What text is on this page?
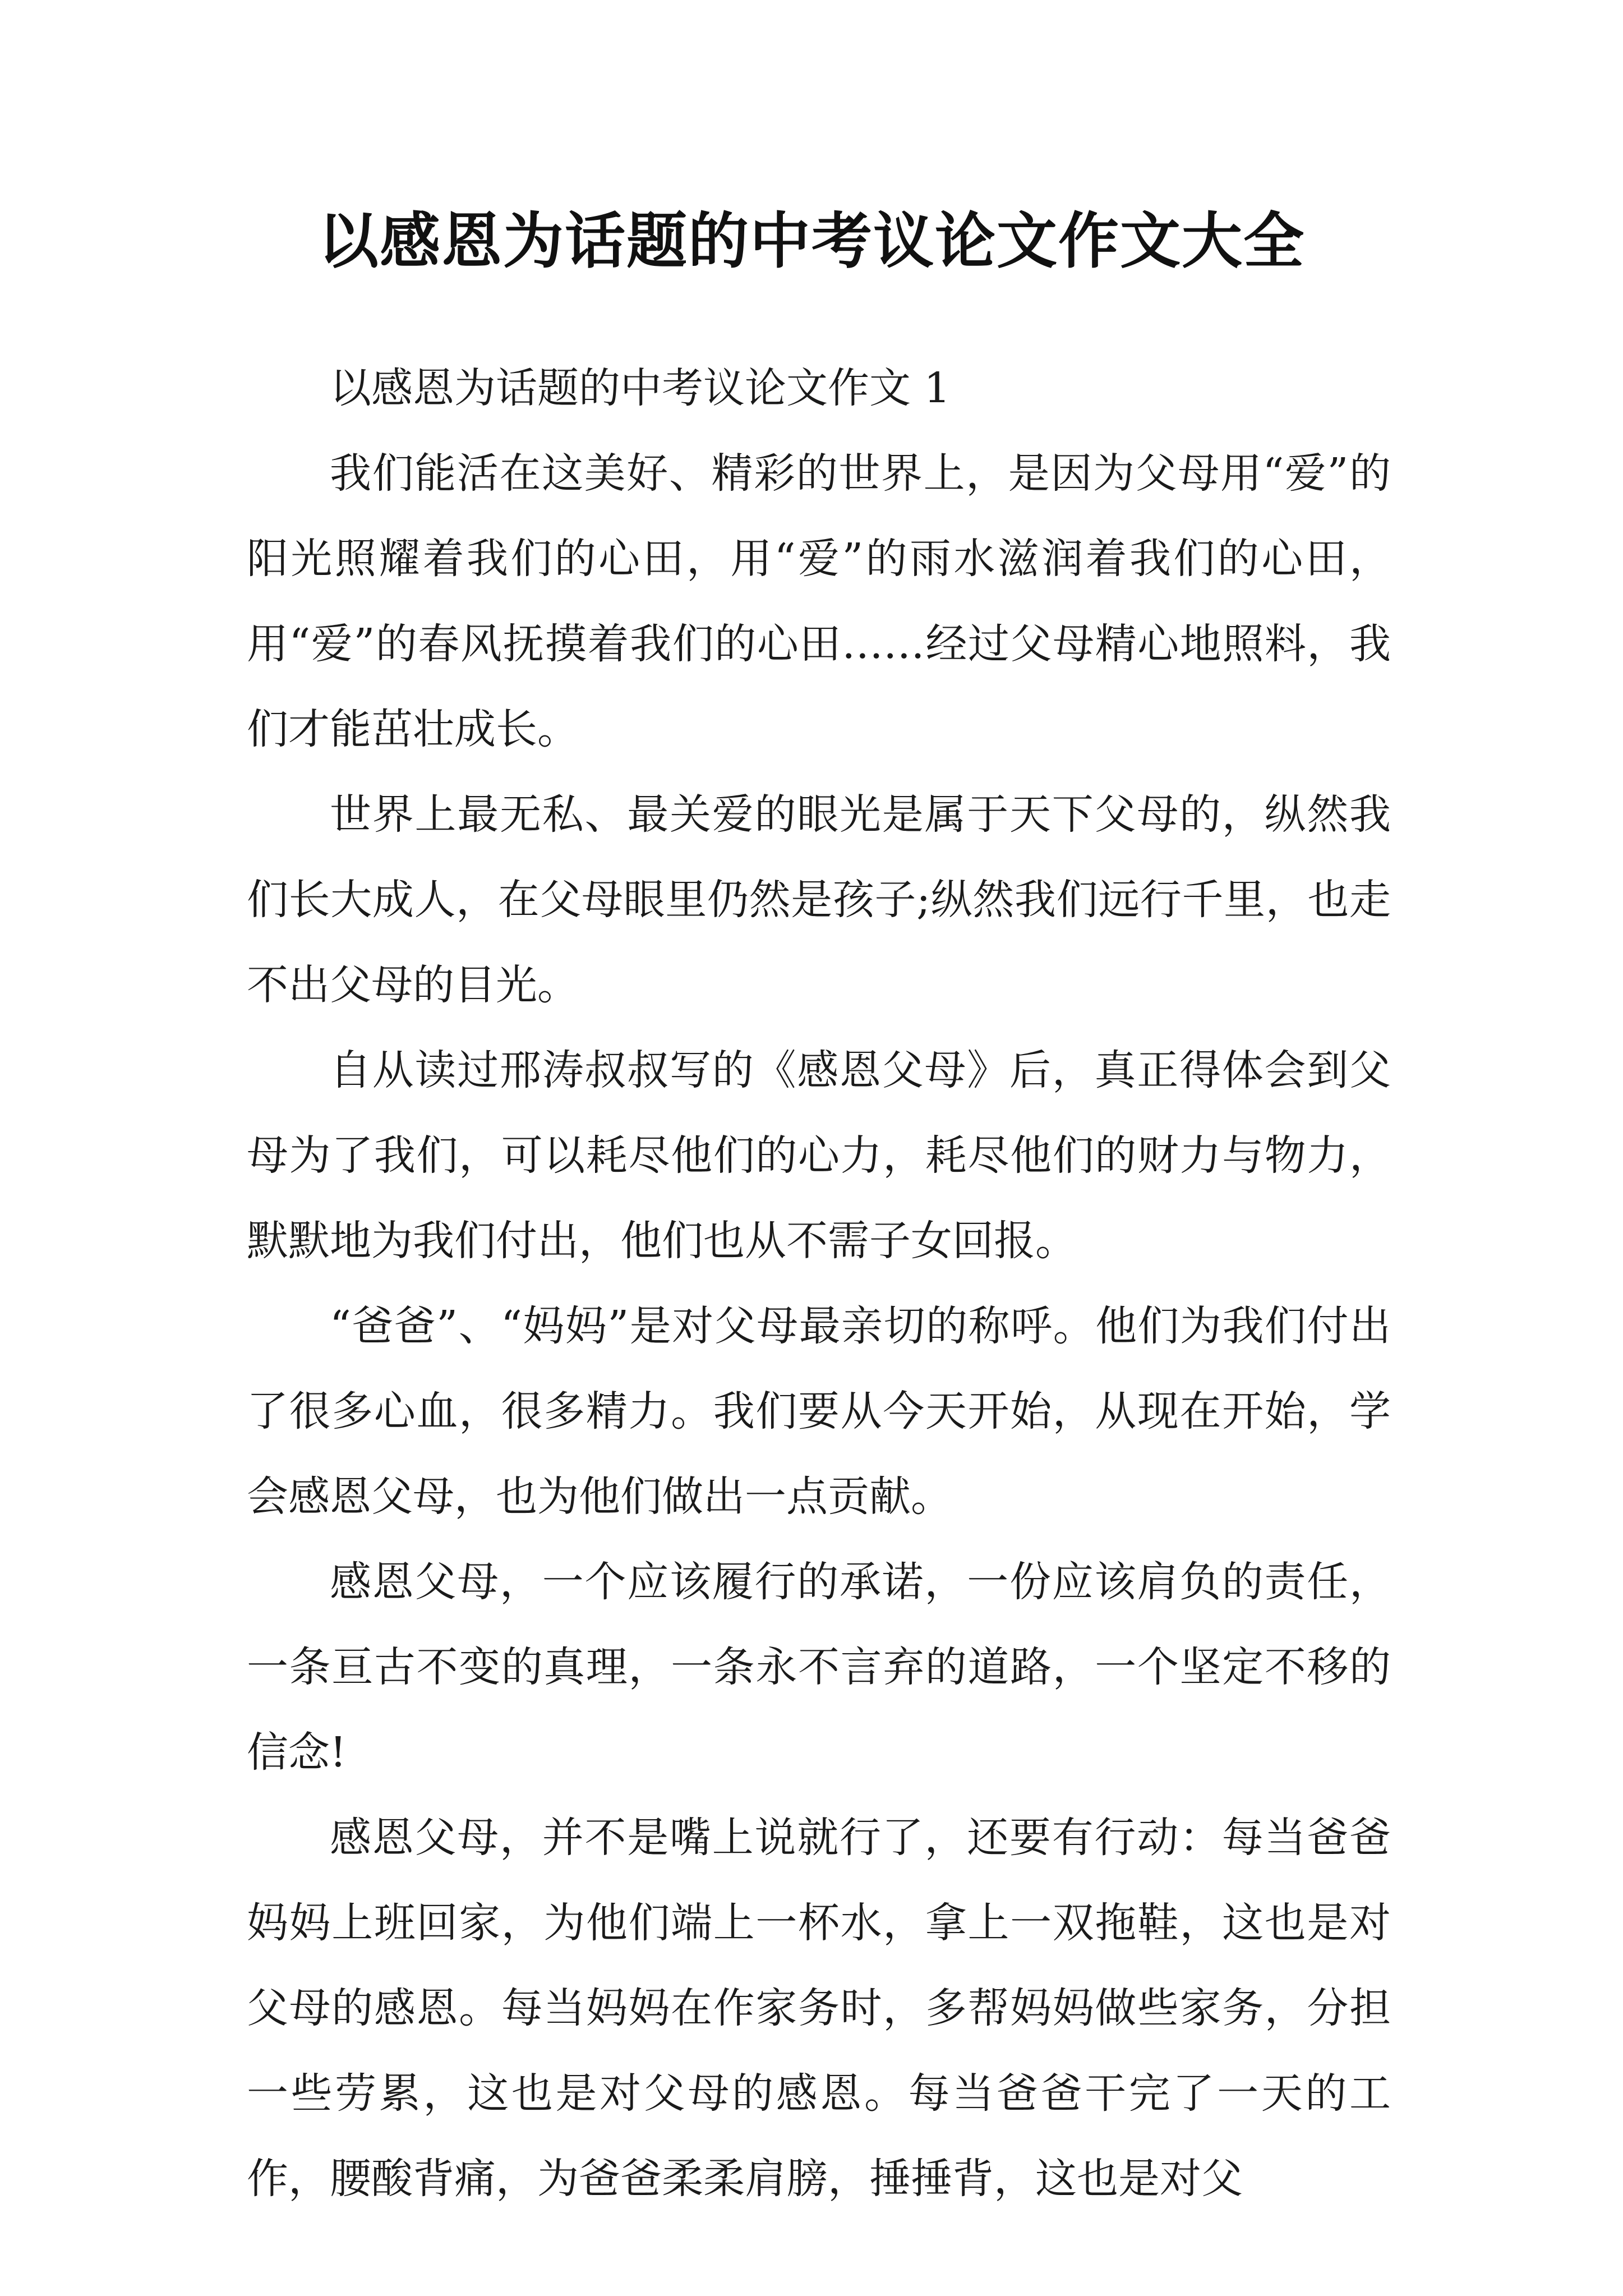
以感恩为话题的中考议论文作文大全

以感恩为话题的中考议论文作文 1

我们能活在这美好、精彩的世界上，是因为父母用“爱”的阳光照耀着我们的心田，用“爱”的雨水滋润着我们的心田，用“爱”的春风抚摸着我们的心田……经过父母精心地照料，我们才能茁壮成长。

世界上最无私、最关爱的眼光是属于天下父母的，纵然我们长大成人，在父母眼里仍然是孩子;纵然我们远行千里，也走不出父母的目光。

自从读过邢涛叔叔写的《感恩父母》后，真正得体会到父母为了我们，可以耗尽他们的心力，耗尽他们的财力与物力，默默地为我们付出，他们也从不需子女回报。

“爸爸”、“妈妈”是对父母最亲切的称呼。他们为我们付出了很多心血，很多精力。我们要从今天开始，从现在开始，学会感恩父母，也为他们做出一点贡献。

感恩父母，一个应该履行的承诺，一份应该肩负的责任，一条亘古不变的真理，一条永不言弃的道路，一个坚定不移的信念!

感恩父母，并不是嘴上说就行了，还要有行动：每当爸爸妈妈上班回家，为他们端上一杯水，拿上一双拖鞋，这也是对父母的感恩。每当妈妈在作家务时，多帮妈妈做些家务，分担一些劳累，这也是对父母的感恩。每当爸爸干完了一天的工作，腰酸背痛，为爸爸柔柔肩膀，捶捶背，这也是对父
